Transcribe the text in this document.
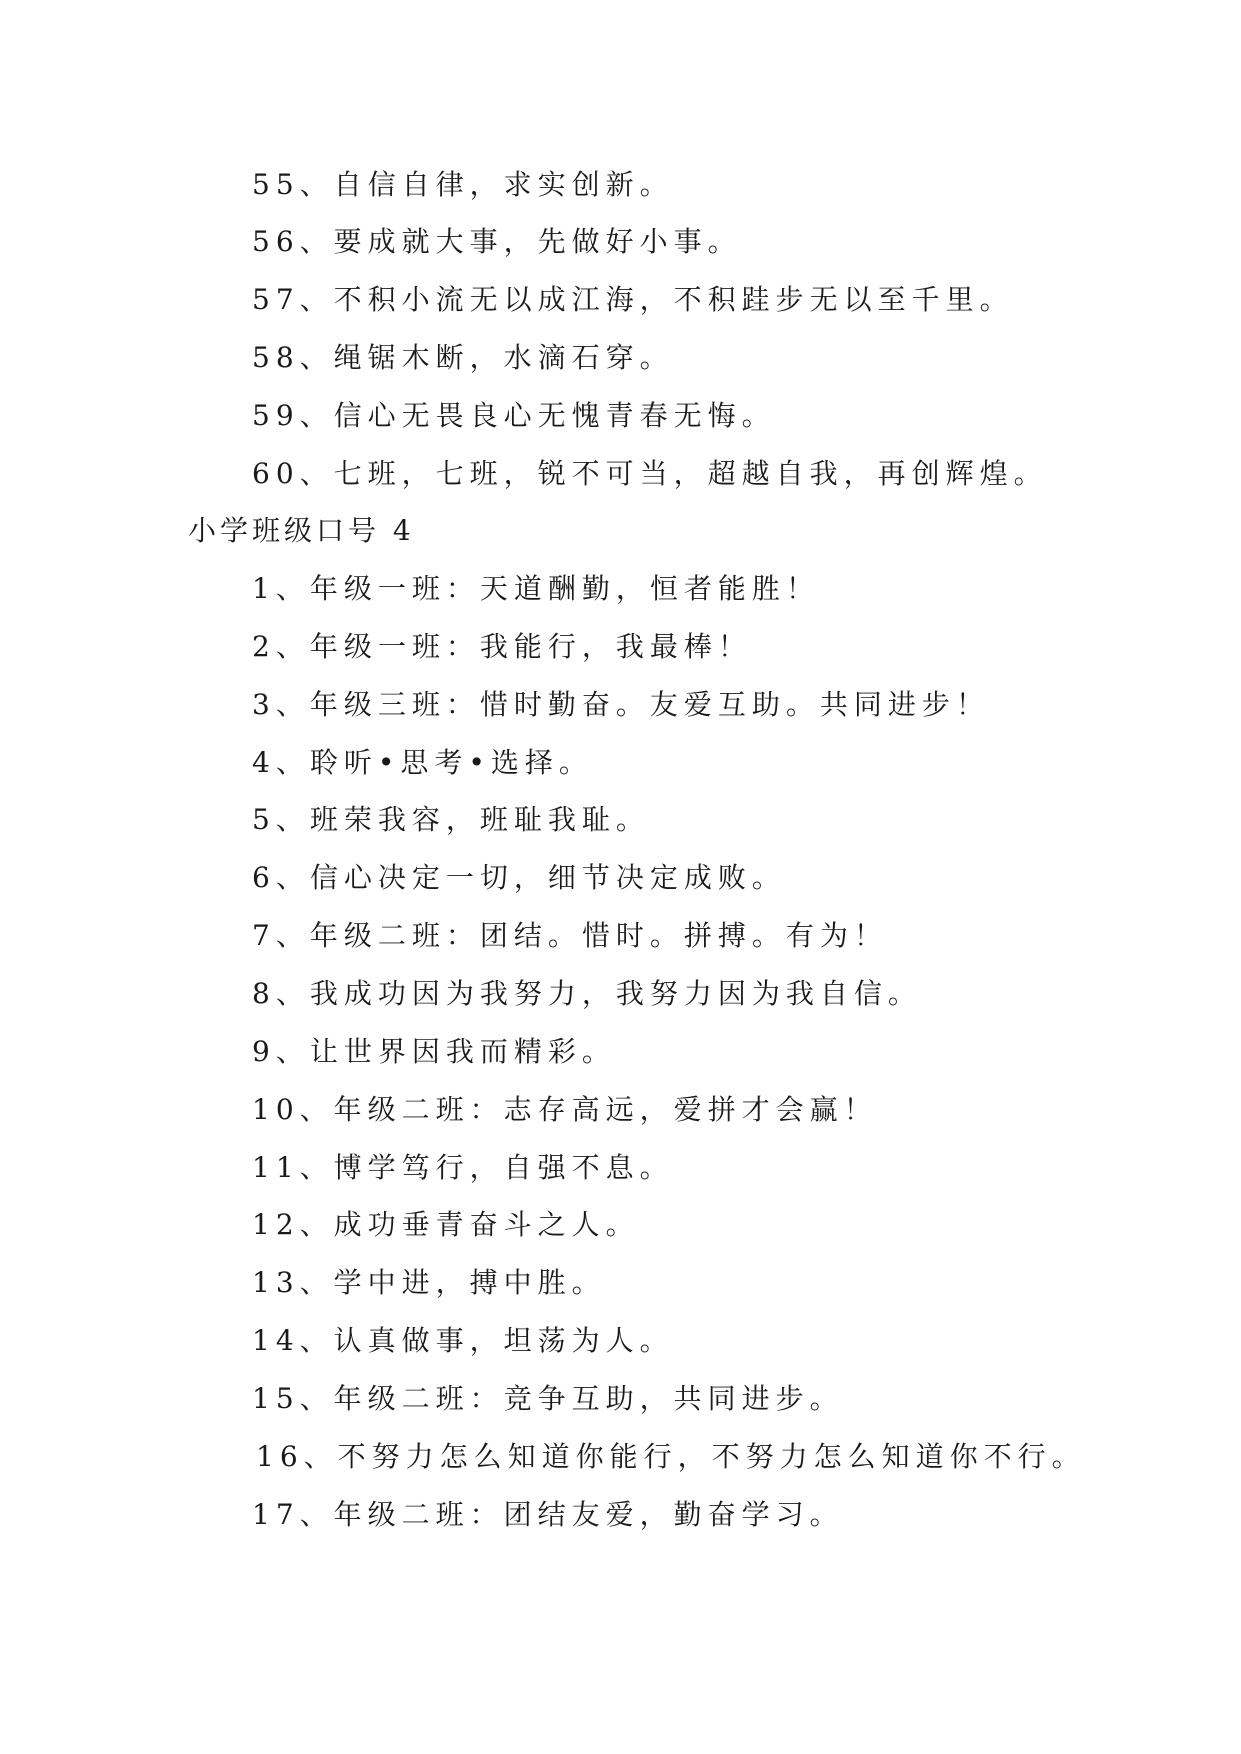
55、自信自律，求实创新。
56、要成就大事，先做好小事。
57、不积小流无以成江海，不积跬步无以至千里。
58、绳锯木断，水滴石穿。
59、信心无畏良心无愧青春无悔。
60、七班，七班，锐不可当，超越自我，再创辉煌。
小学班级口号 4
1、年级一班：天道酬勤，恒者能胜！
2、年级一班：我能行，我最棒！
3、年级三班：惜时勤奋。友爱互助。共同进步！
4、聆听•思考•选择。
5、班荣我容，班耻我耻。
6、信心决定一切，细节决定成败。
7、年级二班：团结。惜时。拼搏。有为！
8、我成功因为我努力，我努力因为我自信。
9、让世界因我而精彩。
10、年级二班：志存高远，爱拼才会赢！
11、博学笃行，自强不息。
12、成功垂青奋斗之人。
13、学中进，搏中胜。
14、认真做事，坦荡为人。
15、年级二班：竞争互助，共同进步。
16、不努力怎么知道你能行，不努力怎么知道你不行。
17、年级二班：团结友爱，勤奋学习。
